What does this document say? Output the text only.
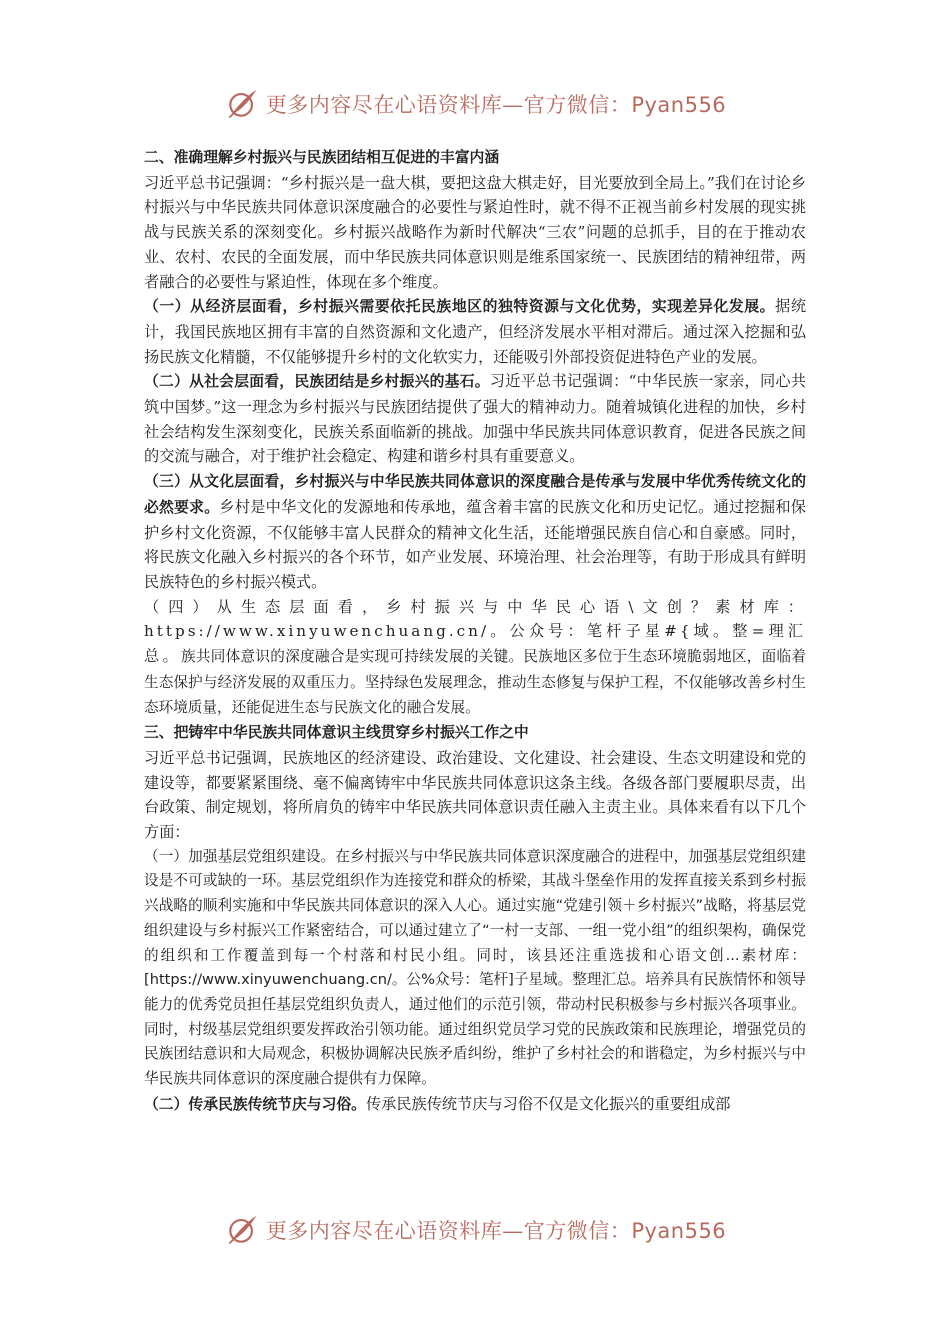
更多内容尽在心语资料库—官方微信：Pyan556

二、准确理解乡村振兴与民族团结相互促进的丰富内涵

习近平总书记强调：“乡村振兴是一盘大棋，要把这盘大棋走好，目光要放到全局上。”我们在讨论乡村振兴与中华民族共同体意识深度融合的必要性与紧迫性时，就不得不正视当前乡村发展的现实挑战与民族关系的深刻变化。乡村振兴战略作为新时代解决“三农”问题的总抓手，目的在于推动农业、农村、农民的全面发展，而中华民族共同体意识则是维系国家统一、民族团结的精神纽带，两者融合的必要性与紧迫性，体现在多个维度。

（一）从经济层面看，乡村振兴需要依托民族地区的独特资源与文化优势，实现差异化发展。据统计，我国民族地区拥有丰富的自然资源和文化遗产，但经济发展水平相对滞后。通过深入挖掘和弘扬民族文化精髓，不仅能够提升乡村的文化软实力，还能吸引外部投资促进特色产业的发展。

（二）从社会层面看，民族团结是乡村振兴的基石。习近平总书记强调：“中华民族一家亲，同心共筑中国梦。”这一理念为乡村振兴与民族团结提供了强大的精神动力。随着城镇化进程的加快，乡村社会结构发生深刻变化，民族关系面临新的挑战。加强中华民族共同体意识教育，促进各民族之间的交流与融合，对于维护社会稳定、构建和谐乡村具有重要意义。

（三）从文化层面看，乡村振兴与中华民族共同体意识的深度融合是传承与发展中华优秀传统文化的必然要求。乡村是中华文化的发源地和传承地，蕴含着丰富的民族文化和历史记忆。通过挖掘和保护乡村文化资源，不仅能够丰富人民群众的精神文化生活，还能增强民族自信心和自豪感。同时，将民族文化融入乡村振兴的各个环节，如产业发展、环境治理、社会治理等，有助于形成具有鲜明民族特色的乡村振兴模式。

（四）从生态层面看，乡村振兴与中华民心语\文创？素材库：https://www.xinyuwenchuang.cn/。公众号：笔杆子星#{域。整=理汇总。族共同体意识的深度融合是实现可持续发展的关键。民族地区多位于生态环境脆弱地区，面临着生态保护与经济发展的双重压力。坚持绿色发展理念，推动生态修复与保护工程，不仅能够改善乡村生态环境质量，还能促进生态与民族文化的融合发展。

三、把铸牢中华民族共同体意识主线贯穿乡村振兴工作之中

习近平总书记强调，民族地区的经济建设、政治建设、文化建设、社会建设、生态文明建设和党的建设等，都要紧紧围绕、毫不偏离铸牢中华民族共同体意识这条主线。各级各部门要履职尽责，出台政策、制定规划，将所肩负的铸牢中华民族共同体意识责任融入主责主业。具体来看有以下几个方面：

（一）加强基层党组织建设。在乡村振兴与中华民族共同体意识深度融合的进程中，加强基层党组织建设是不可或缺的一环。基层党组织作为连接党和群众的桥梁，其战斗堡垒作用的发挥直接关系到乡村振兴战略的顺利实施和中华民族共同体意识的深入人心。通过实施“党建引领＋乡村振兴”战略，将基层党组织建设与乡村振兴工作紧密结合，可以通过建立了“一村一支部、一组一党小组”的组织架构，确保党的组织和工作覆盖到每一个村落和村民小组。同时，该县还注重选拔和心语文创...素材库：[https://www.xinyuwenchuang.cn/。公%众号：笔杆]子星域。整理汇总。培养具有民族情怀和领导能力的优秀党员担任基层党组织负责人，通过他们的示范引领，带动村民积极参与乡村振兴各项事业。同时，村级基层党组织要发挥政治引领功能。通过组织党员学习党的民族政策和民族理论，增强党员的民族团结意识和大局观念，积极协调解决民族矛盾纠纷，维护了乡村社会的和谐稳定，为乡村振兴与中华民族共同体意识的深度融合提供有力保障。

（二）传承民族传统节庆与习俗。传承民族传统节庆与习俗不仅是文化振兴的重要组成部

更多内容尽在心语资料库—官方微信：Pyan556
